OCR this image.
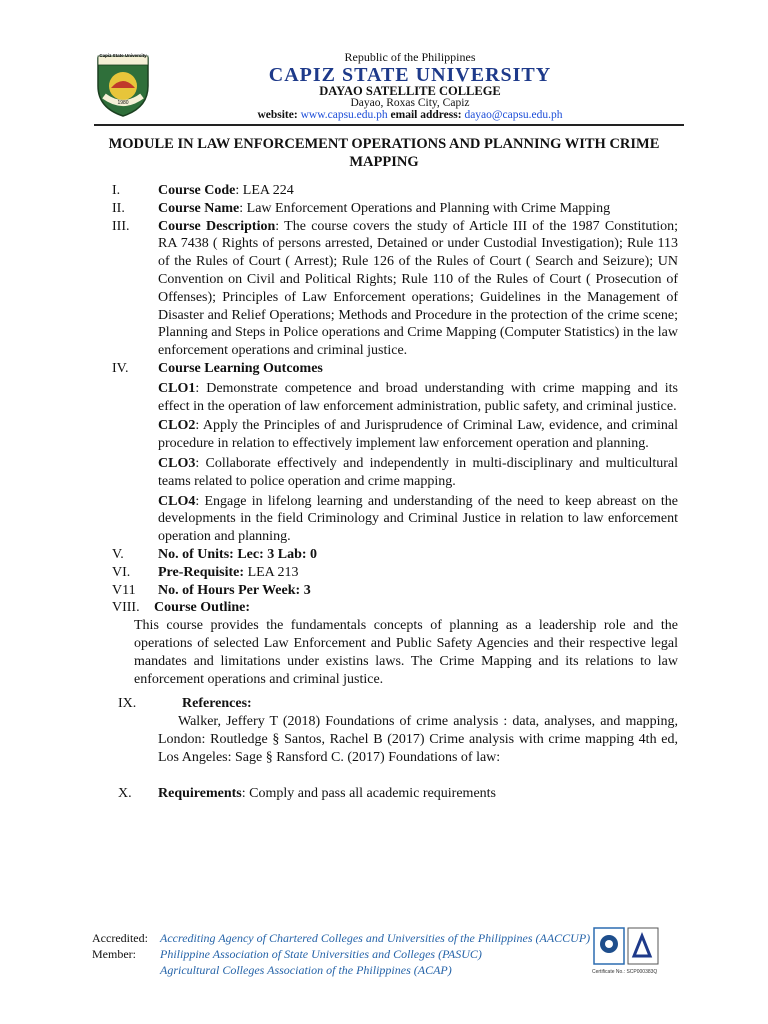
Capiz State University
1980
Republic of the Philippines
CAPIZ STATE UNIVERSITY
DAYAO SATELLITE COLLEGE
Dayao, Roxas City, Capiz
website: www.capsu.edu.ph email address: dayao@capsu.edu.ph
MODULE IN LAW ENFORCEMENT OPERATIONS AND PLANNING WITH CRIME MAPPING
I.	Course Code: LEA 224
II.	Course Name: Law Enforcement Operations and Planning with Crime Mapping
III.	Course Description: The course covers the study of Article III of the 1987 Constitution; RA 7438 ( Rights of persons arrested, Detained or under Custodial Investigation); Rule 113 of the Rules of Court ( Arrest); Rule 126 of the Rules of Court ( Search and Seizure); UN Convention on Civil and Political Rights; Rule 110 of the Rules of Court ( Prosecution of Offenses); Principles of Law Enforcement operations; Guidelines in the Management of Disaster and Relief Operations; Methods and Procedure in the protection of the crime scene; Planning and Steps in Police operations and Crime Mapping (Computer Statistics) in the law enforcement operations and criminal justice.
IV.	Course Learning Outcomes
CLO1: Demonstrate competence and broad understanding with crime mapping and its effect in the operation of law enforcement administration, public safety, and criminal justice.
CLO2: Apply the Principles of and Jurisprudence of Criminal Law, evidence, and criminal procedure in relation to effectively implement law enforcement operation and planning.
CLO3: Collaborate effectively and independently in multi-disciplinary and multicultural teams related to police operation and crime mapping.
CLO4: Engage in lifelong learning and understanding of the need to keep abreast on the developments in the field Criminology and Criminal Justice in relation to law enforcement operation and planning.
V.	No. of Units: Lec: 3 Lab: 0
VI.	Pre-Requisite: LEA 213
V11	No. of Hours Per Week: 3
VIII.	Course Outline:
This course provides the fundamentals concepts of planning as a leadership role and the operations of selected Law Enforcement and Public Safety Agencies and their respective legal mandates and limitations under existins laws. The Crime Mapping and its relations to law enforcement operations and criminal justice.
IX.	References:
Walker, Jeffery T (2018) Foundations of crime analysis : data, analyses, and mapping, London: Routledge § Santos, Rachel B (2017) Crime analysis with crime mapping 4th ed, Los Angeles: Sage § Ransford C. (2017) Foundations of law:
X.	Requirements: Comply and pass all academic requirements
Accredited:	Accrediting Agency of Chartered Colleges and Universities of the Philippines (AACCUP)
Member:	Philippine Association of State Universities and Colleges (PASUC)
Agricultural Colleges Association of the Philippines (ACAP)	Certificate No.: SCP000383Q
